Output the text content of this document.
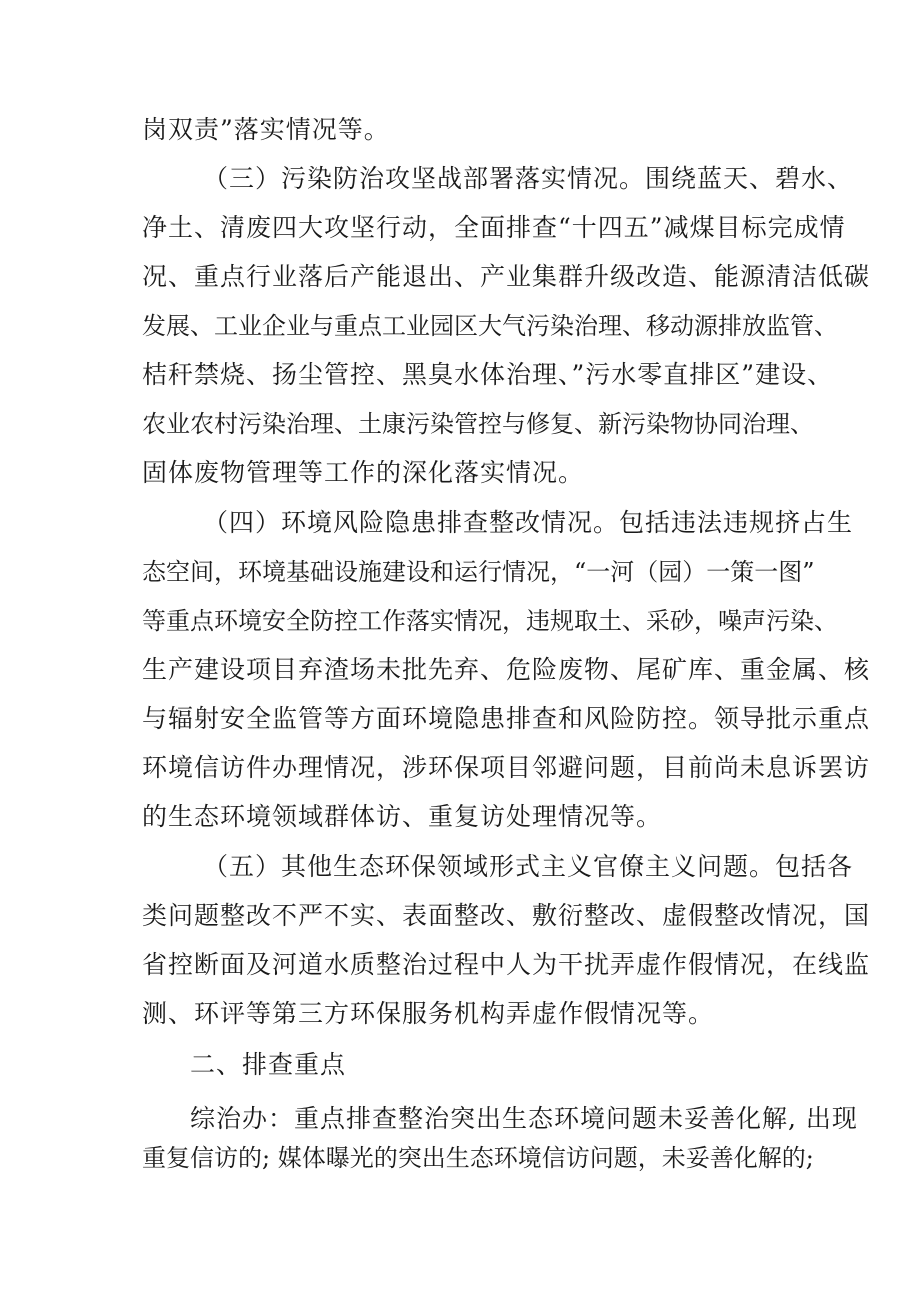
岗双责”落实情况等。
（三）污染防治攻坚战部署落实情况。围绕蓝天、碧水、
净土、清废四大攻坚行动，全面排查“十四五”减煤目标完成情
况、重点行业落后产能退出、产业集群升级改造、能源清洁低碳
发展、工业企业与重点工业园区大气污染治理、移动源排放监管、
桔秆禁烧、扬尘管控、黑臭水体治理、”污水零直排区”建设、
农业农村污染治理、土康污染管控与修复、新污染物协同治理、
固体废物管理等工作的深化落实情况。
（四）环境风险隐患排查整改情况。包括违法违规挤占生
态空间，环境基础设施建设和运行情况，“一河（园）一策一图”
等重点环境安全防控工作落实情况，违规取土、采砂，噪声污染、
生产建设项目弃渣场未批先弃、危险废物、尾矿库、重金属、核
与辐射安全监管等方面环境隐患排查和风险防控。领导批示重点
环境信访件办理情况，涉环保项目邻避问题，目前尚未息诉罢访
的生态环境领域群体访、重复访处理情况等。
（五）其他生态环保领域形式主义官僚主义问题。包括各
类问题整改不严不实、表面整改、敷衍整改、虚假整改情况，国
省控断面及河道水质整治过程中人为干扰弄虚作假情况，在线监
测、环评等第三方环保服务机构弄虚作假情况等。
二、排查重点
综治办：重点排查整治突出生态环境问题未妥善化解, 出现
重复信访的; 媒体曝光的突出生态环境信访问题，未妥善化解的;
